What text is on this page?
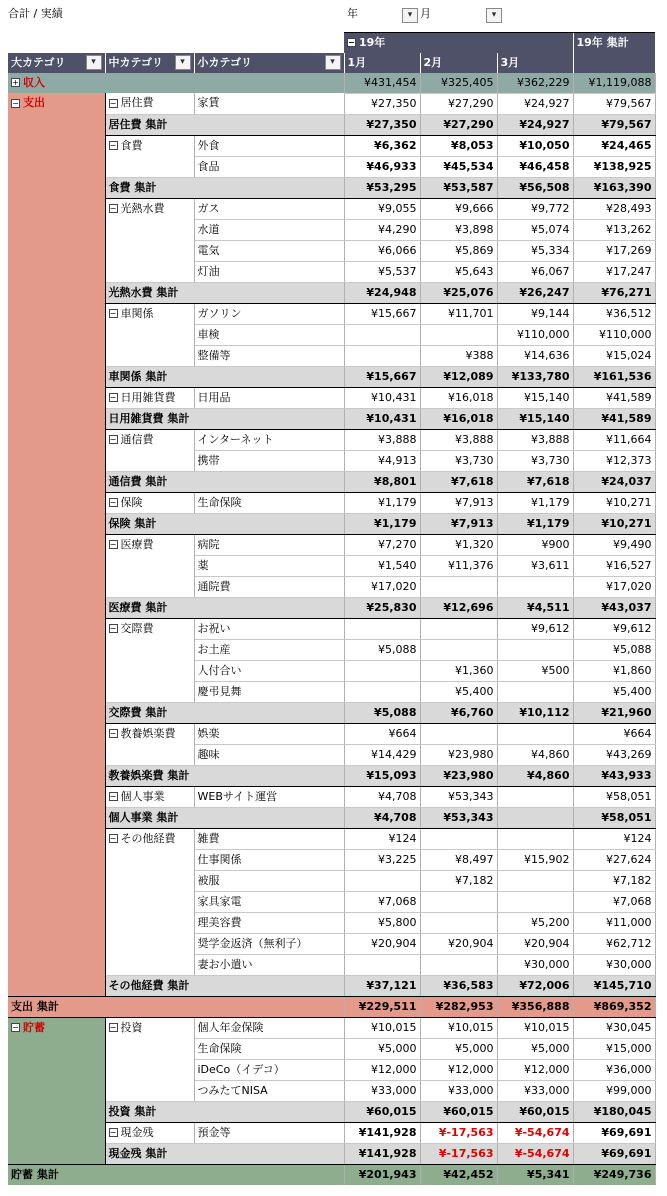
合計 / 実績			年 ▾ 月		▾	
			− 19年			19年 集計
大カテゴリ ▾	中カテゴリ ▾	小カテゴリ ▾	1月	2月	3月	
+ 収入			¥431,454	¥325,405	¥362,229	¥1,119,088
− 支出	− 居住費	家賃	¥27,350	¥27,290	¥24,927	¥79,567
	居住費 集計		¥27,350	¥27,290	¥24,927	¥79,567
	− 食費	外食	¥6,362	¥8,053	¥10,050	¥24,465
		食品	¥46,933	¥45,534	¥46,458	¥138,925
	食費 集計		¥53,295	¥53,587	¥56,508	¥163,390
	− 光熱水費	ガス	¥9,055	¥9,666	¥9,772	¥28,493
		水道	¥4,290	¥3,898	¥5,074	¥13,262
		電気	¥6,066	¥5,869	¥5,334	¥17,269
		灯油	¥5,537	¥5,643	¥6,067	¥17,247
	光熱水費 集計		¥24,948	¥25,076	¥26,247	¥76,271
	− 車関係	ガソリン	¥15,667	¥11,701	¥9,144	¥36,512
		車検			¥110,000	¥110,000
		整備等		¥388	¥14,636	¥15,024
	車関係 集計		¥15,667	¥12,089	¥133,780	¥161,536
	− 日用雑貨費	日用品	¥10,431	¥16,018	¥15,140	¥41,589
	日用雑貨費 集計		¥10,431	¥16,018	¥15,140	¥41,589
	− 通信費	インターネット	¥3,888	¥3,888	¥3,888	¥11,664
		携帯	¥4,913	¥3,730	¥3,730	¥12,373
	通信費 集計		¥8,801	¥7,618	¥7,618	¥24,037
	− 保険	生命保険	¥1,179	¥7,913	¥1,179	¥10,271
	保険 集計		¥1,179	¥7,913	¥1,179	¥10,271
	− 医療費	病院	¥7,270	¥1,320	¥900	¥9,490
		薬	¥1,540	¥11,376	¥3,611	¥16,527
		通院費	¥17,020			¥17,020
	医療費 集計		¥25,830	¥12,696	¥4,511	¥43,037
	− 交際費	お祝い			¥9,612	¥9,612
		お土産	¥5,088			¥5,088
		人付合い		¥1,360	¥500	¥1,860
		慶弔見舞		¥5,400		¥5,400
	交際費 集計		¥5,088	¥6,760	¥10,112	¥21,960
	− 教養娯楽費	娯楽	¥664			¥664
		趣味	¥14,429	¥23,980	¥4,860	¥43,269
	教養娯楽費 集計		¥15,093	¥23,980	¥4,860	¥43,933
	− 個人事業	WEBサイト運営	¥4,708	¥53,343		¥58,051
	個人事業 集計		¥4,708	¥53,343		¥58,051
	− その他経費	雑費	¥124			¥124
		仕事関係	¥3,225	¥8,497	¥15,902	¥27,624
		被服		¥7,182		¥7,182
		家具家電	¥7,068			¥7,068
		理美容費	¥5,800		¥5,200	¥11,000
		奨学金返済（無利子）	¥20,904	¥20,904	¥20,904	¥62,712
		妻お小遣い			¥30,000	¥30,000
	その他経費 集計		¥37,121	¥36,583	¥72,006	¥145,710
支出 集計			¥229,511	¥282,953	¥356,888	¥869,352
− 貯蓄	− 投資	個人年金保険	¥10,015	¥10,015	¥10,015	¥30,045
		生命保険	¥5,000	¥5,000	¥5,000	¥15,000
		iDeCo（イデコ）	¥12,000	¥12,000	¥12,000	¥36,000
		つみたてNISA	¥33,000	¥33,000	¥33,000	¥99,000
	投資 集計		¥60,015	¥60,015	¥60,015	¥180,045
	− 現金残	預金等	¥141,928	¥-17,563	¥-54,674	¥69,691
	現金残 集計		¥141,928	¥-17,563	¥-54,674	¥69,691
貯蓄 集計			¥201,943	¥42,452	¥5,341	¥249,736
